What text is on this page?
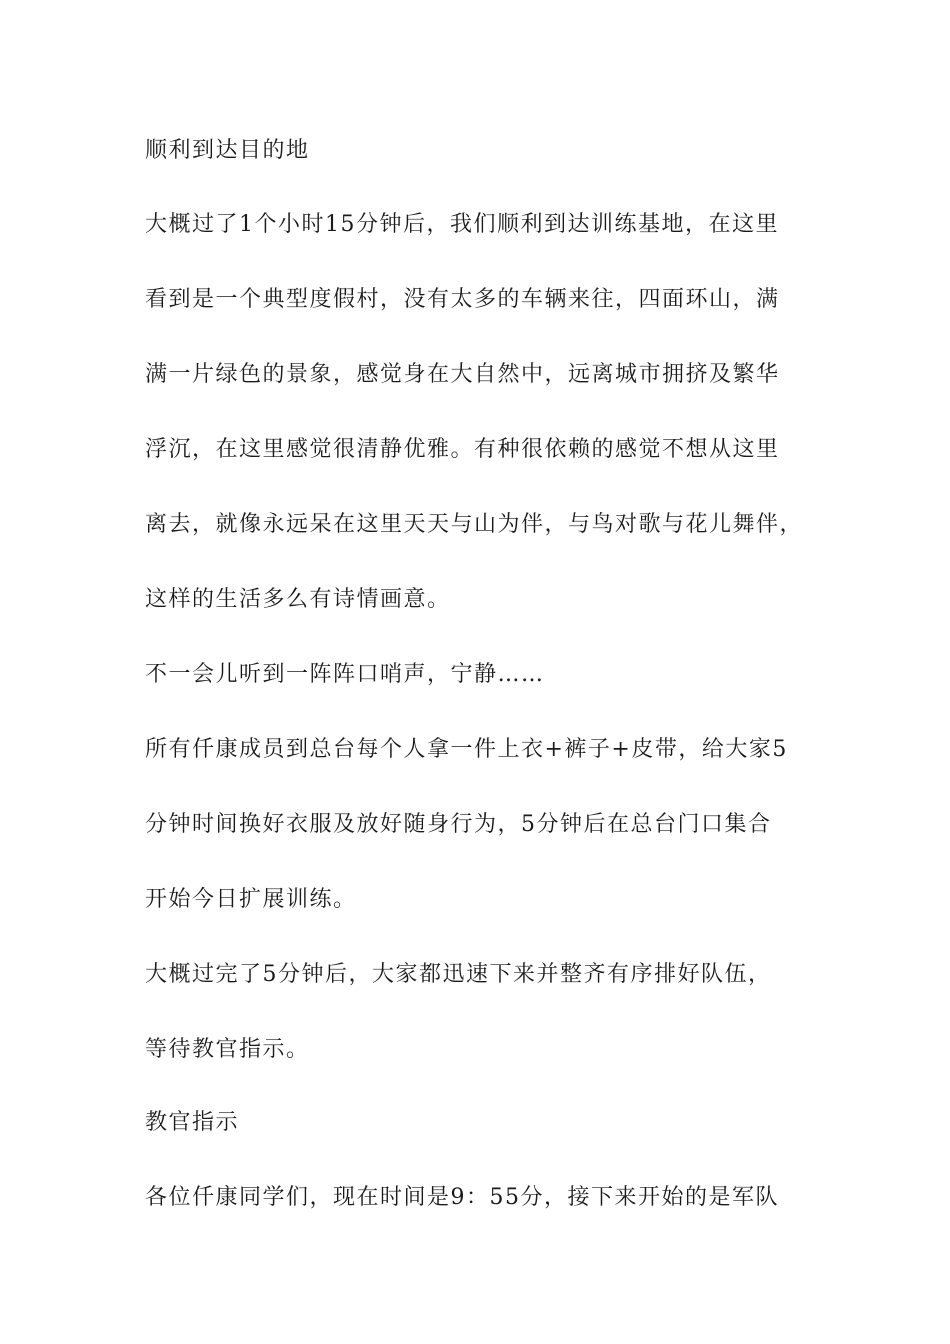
顺利到达目的地
大概过了1个小时15分钟后，我们顺利到达训练基地，在这里
看到是一个典型度假村，没有太多的车辆来往，四面环山，满
满一片绿色的景象，感觉身在大自然中，远离城市拥挤及繁华
浮沉，在这里感觉很清静优雅。有种很依赖的感觉不想从这里
离去，就像永远呆在这里天天与山为伴，与鸟对歌与花儿舞伴，
这样的生活多么有诗情画意。
不一会儿听到一阵阵口哨声，宁静……
所有仟康成员到总台每个人拿一件上衣+裤子+皮带，给大家5
分钟时间换好衣服及放好随身行为，5分钟后在总台门口集合
开始今日扩展训练。
大概过完了5分钟后，大家都迅速下来并整齐有序排好队伍，
等待教官指示。
教官指示
各位仟康同学们，现在时间是9：55分，接下来开始的是军队
